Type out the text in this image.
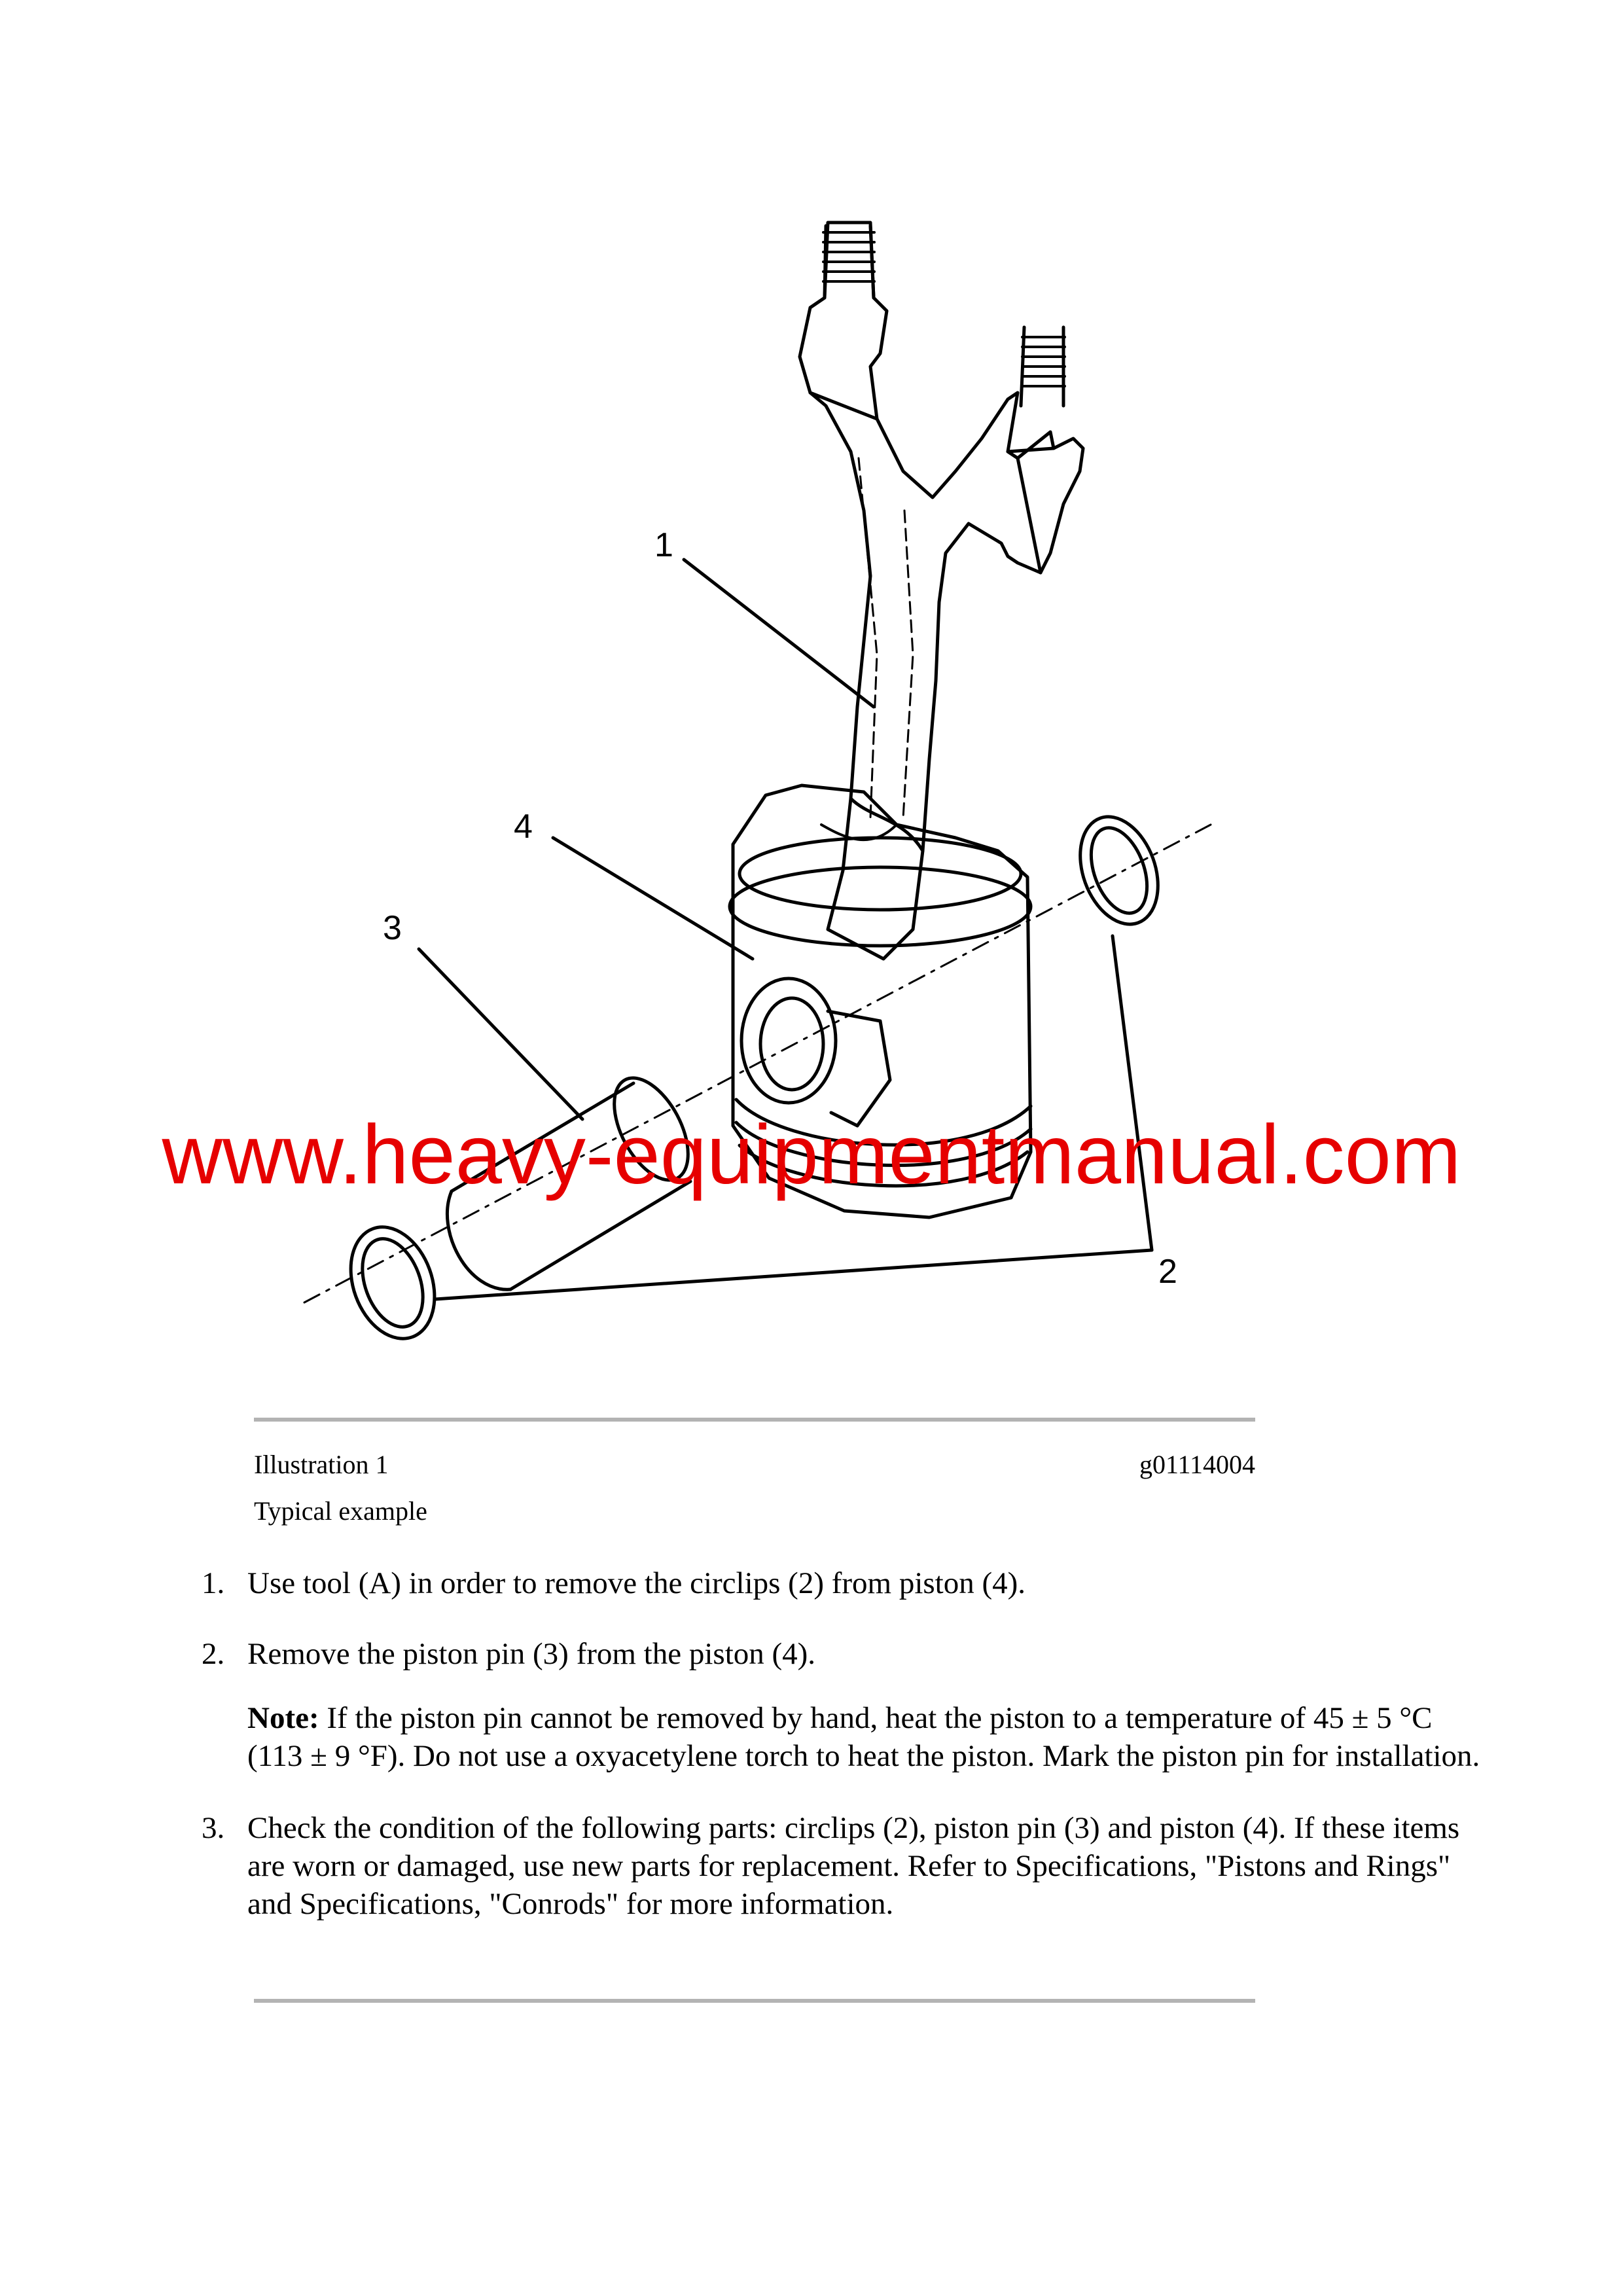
1
4
3
2
www.heavy-equipmentmanual.com
Illustration 1	g01114004
Typical example
1. Use tool (A) in order to remove the circlips (2) from piston (4).
2. Remove the piston pin (3) from the piston (4).
Note: If the piston pin cannot be removed by hand, heat the piston to a temperature of 45 ± 5 °C (113 ± 9 °F). Do not use a oxyacetylene torch to heat the piston. Mark the piston pin for installation.
3. Check the condition of the following parts: circlips (2), piston pin (3) and piston (4). If these items are worn or damaged, use new parts for replacement. Refer to Specifications, "Pistons and Rings" and Specifications, "Conrods" for more information.
